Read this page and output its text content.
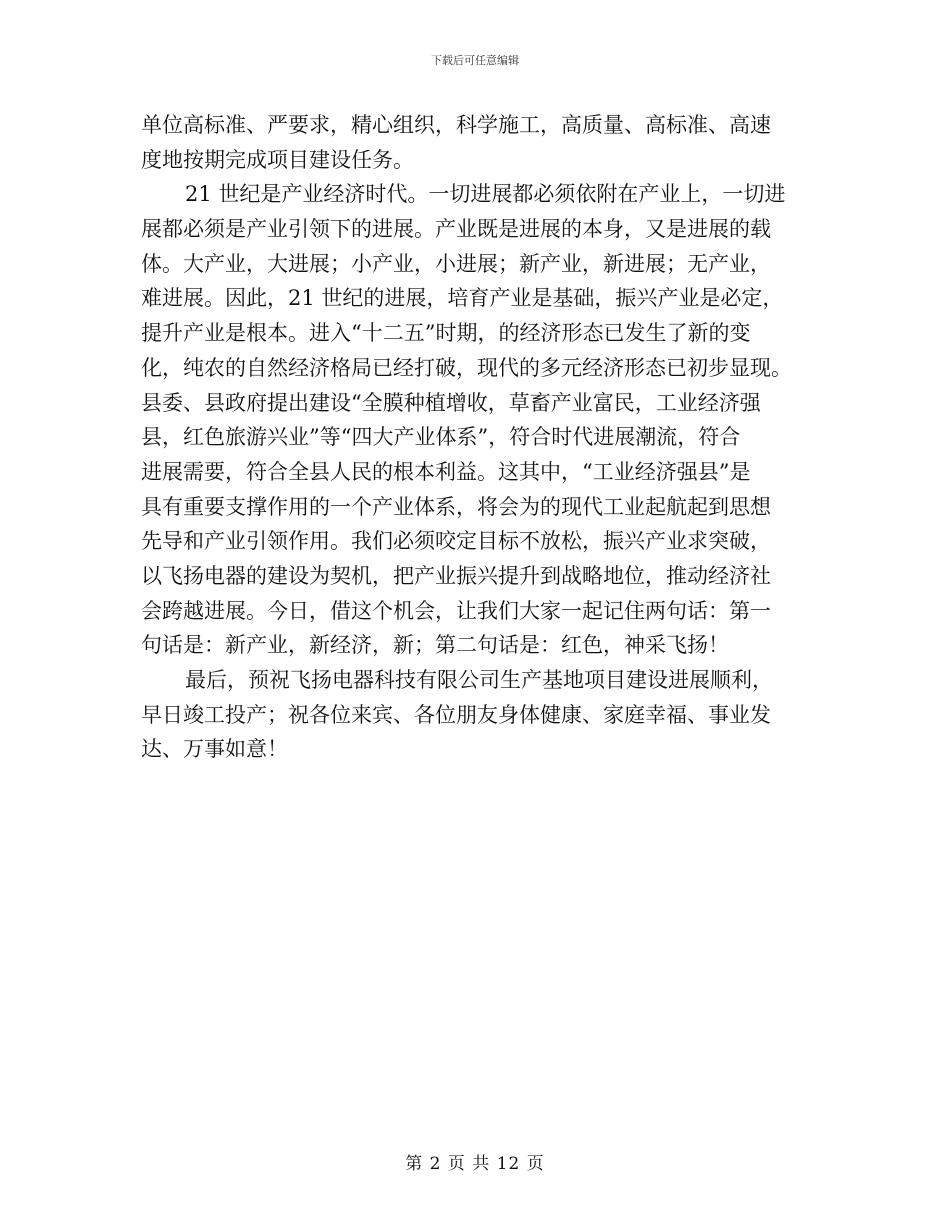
下载后可任意编辑
单位高标准、严要求，精心组织，科学施工，高质量、高标准、高速
度地按期完成项目建设任务。
21 世纪是产业经济时代。一切进展都必须依附在产业上，一切进
展都必须是产业引领下的进展。产业既是进展的本身，又是进展的载
体。大产业，大进展；小产业，小进展；新产业，新进展；无产业，
难进展。因此，21 世纪的进展，培育产业是基础，振兴产业是必定，
提升产业是根本。进入“十二五”时期，的经济形态已发生了新的变
化，纯农的自然经济格局已经打破，现代的多元经济形态已初步显现。
县委、县政府提出建设“全膜种植增收，草畜产业富民，工业经济强
县，红色旅游兴业”等“四大产业体系”，符合时代进展潮流，符合
进展需要，符合全县人民的根本利益。这其中，“工业经济强县”是
具有重要支撑作用的一个产业体系，将会为的现代工业起航起到思想
先导和产业引领作用。我们必须咬定目标不放松，振兴产业求突破，
以飞扬电器的建设为契机，把产业振兴提升到战略地位，推动经济社
会跨越进展。今日，借这个机会，让我们大家一起记住两句话：第一
句话是：新产业，新经济，新；第二句话是：红色，神采飞扬！
最后，预祝飞扬电器科技有限公司生产基地项目建设进展顺利，
早日竣工投产；祝各位来宾、各位朋友身体健康、家庭幸福、事业发
达、万事如意！
第 2 页 共 12 页
